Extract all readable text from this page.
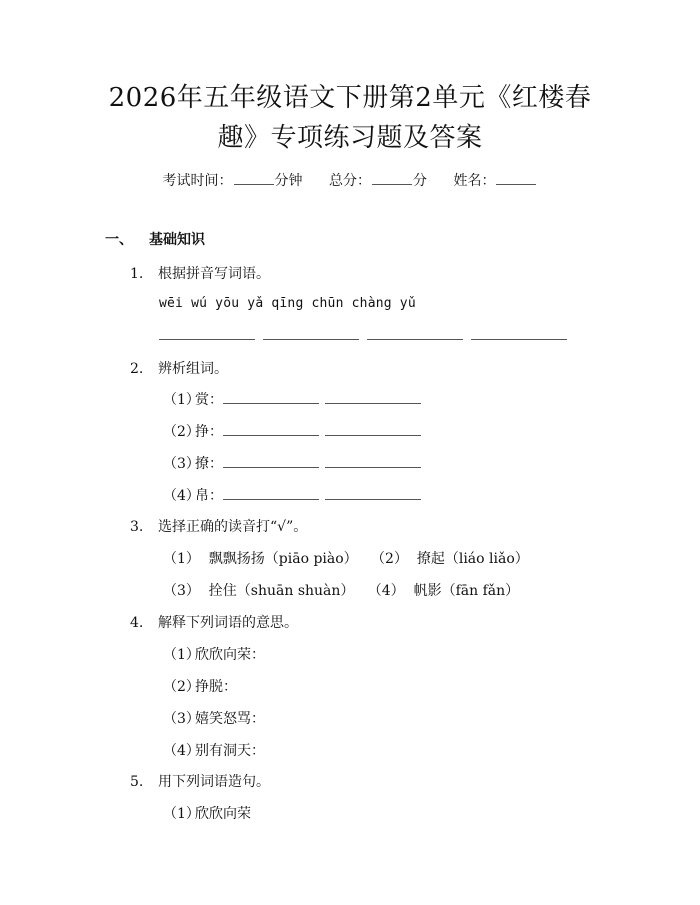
2026年五年级语文下册第2单元《红楼春
趣》专项练习题及答案
考试时间：	分钟 总分：	分 姓名：
一、 基础知识
1. 根据拼音写词语。
wēi wú yōu yǎ qīng chūn chàng yǔ
2. 辨析组词。
（1）赏：
（2）挣：
（3）撩：
（4）帛：
3. 选择正确的读音打“√”。
（1）  飘飘扬扬（piāo piào）   （2）  撩起（liáo liǎo）
（3）  拴住（shuān shuàn）   （4）  帆影（fān fǎn）
4. 解释下列词语的意思。
（1）欣欣向荣：
（2）挣脱：
（3）嬉笑怒骂：
（4）别有洞天：
5. 用下列词语造句。
（1）欣欣向荣
